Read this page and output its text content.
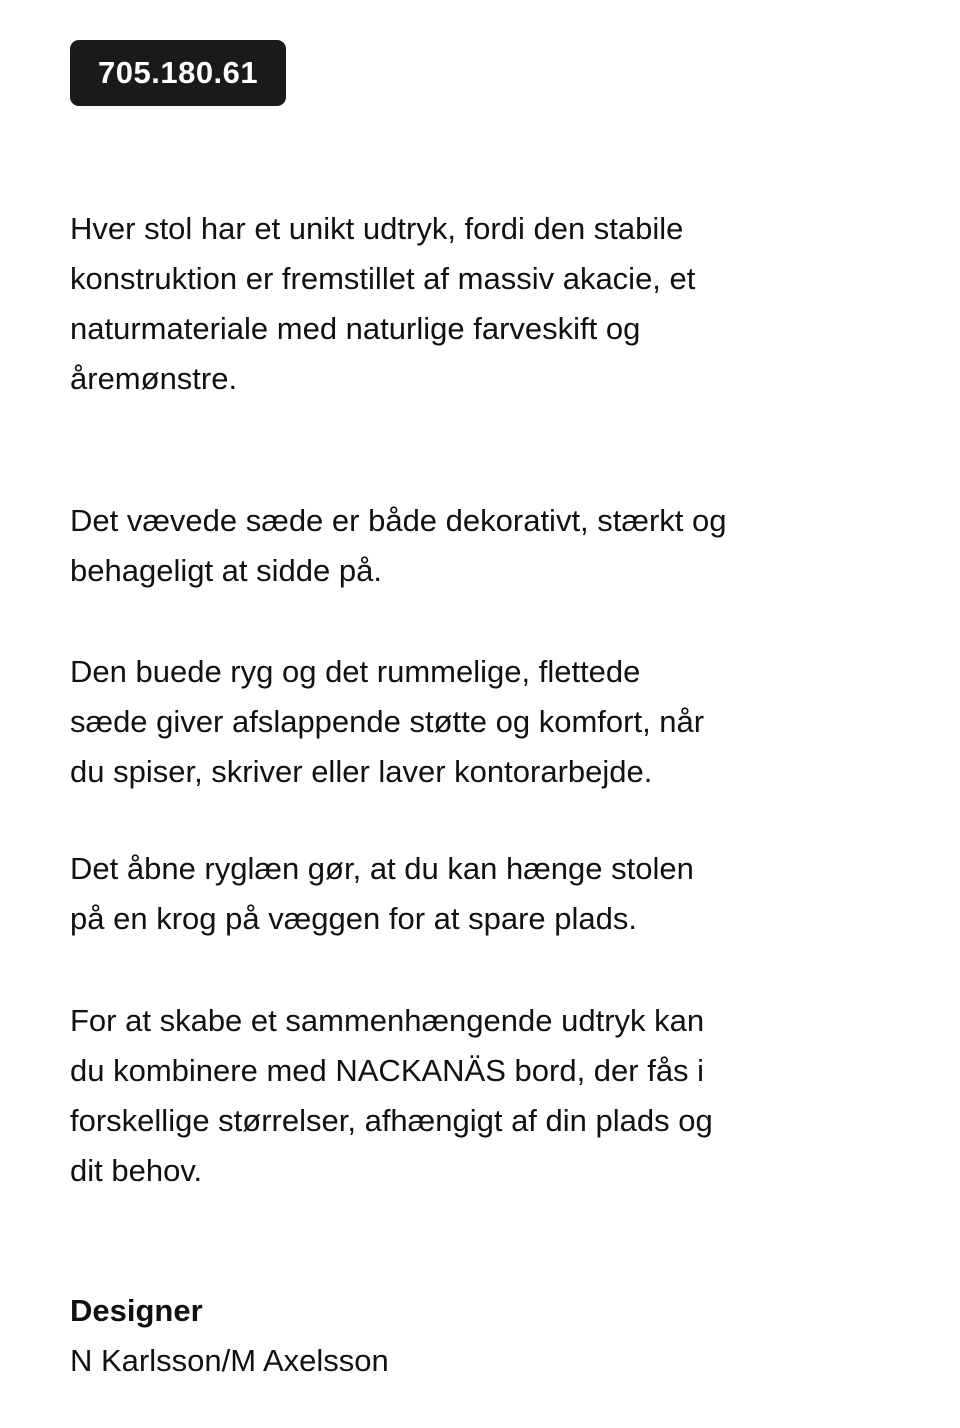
705.180.61
Hver stol har et unikt udtryk, fordi den stabile
konstruktion er fremstillet af massiv akacie, et
naturmateriale med naturlige farveskift og
åremønstre.
Det vævede sæde er både dekorativt, stærkt og
behageligt at sidde på.
Den buede ryg og det rummelige, flettede
sæde giver afslappende støtte og komfort, når
du spiser, skriver eller laver kontorarbejde.
Det åbne ryglæn gør, at du kan hænge stolen
på en krog på væggen for at spare plads.
For at skabe et sammenhængende udtryk kan
du kombinere med NACKANÄS bord, der fås i
forskellige størrelser, afhængigt af din plads og
dit behov.
Designer
N Karlsson/M Axelsson
